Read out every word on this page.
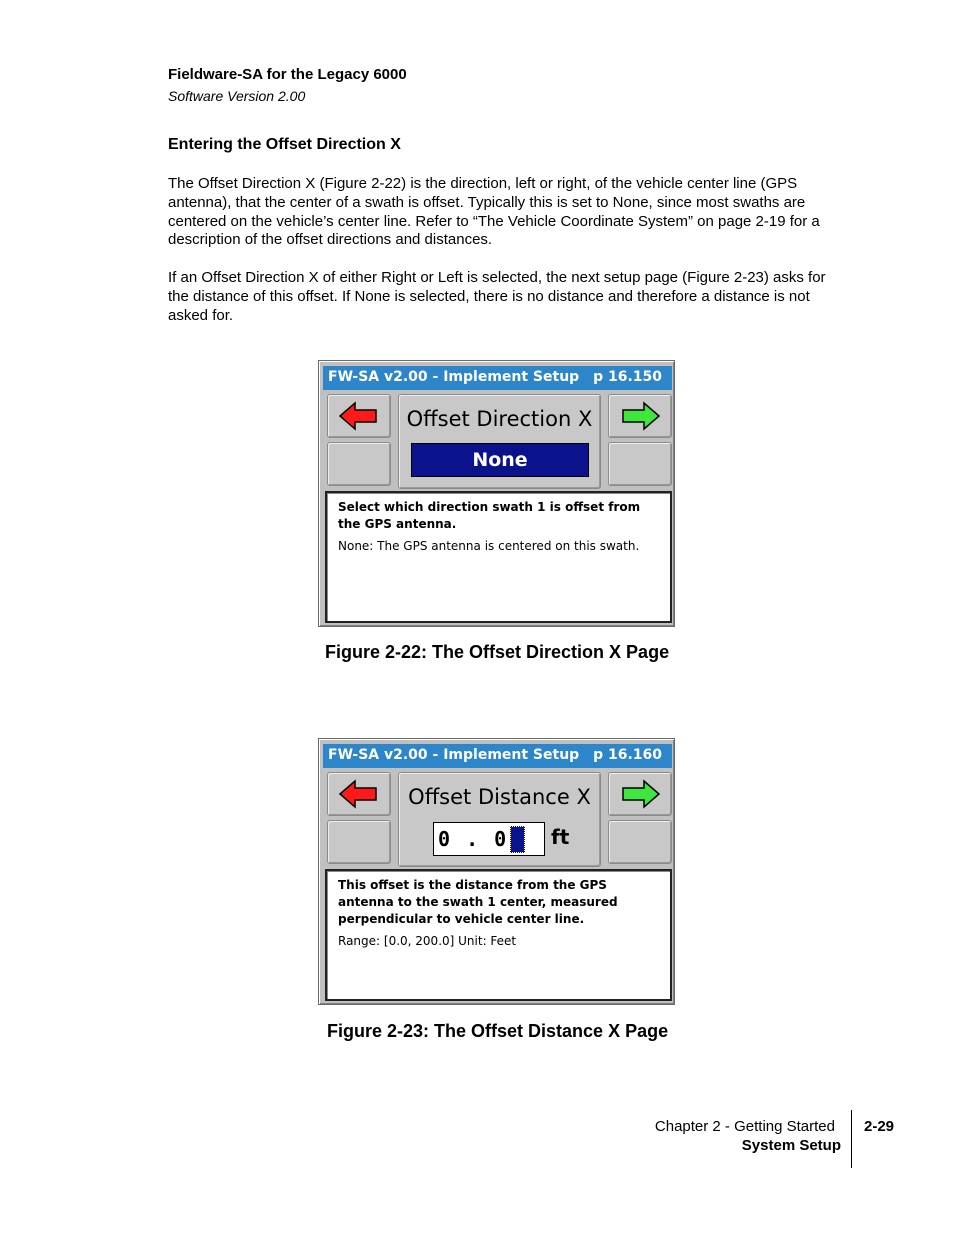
Fieldware-SA for the Legacy 6000
Software Version 2.00
Entering the Offset Direction X

The Offset Direction X (Figure 2-22) is the direction, left or right, of the vehicle center line (GPS antenna), that the center of a swath is offset. Typically this is set to None, since most swaths are centered on the vehicle’s center line. Refer to “The Vehicle Coordinate System” on page 2-19 for a description of the offset directions and distances.

If an Offset Direction X of either Right or Left is selected, the next setup page (Figure 2-23) asks for the distance of this offset. If None is selected, there is no distance and therefore a distance is not asked for.

FW-SA v2.00 - Implement Setup p 16.150
Offset Direction X
None
Select which direction swath 1 is offset from the GPS antenna.
None: The GPS antenna is centered on this swath.
Figure 2-22: The Offset Direction X Page
FW-SA v2.00 - Implement Setup p 16.160
Offset Distance X
0 . 0 ft
This offset is the distance from the GPS antenna to the swath 1 center, measured perpendicular to vehicle center line.
Range: [0.0, 200.0] Unit: Feet
Figure 2-23: The Offset Distance X Page
Chapter 2 - Getting Started
System Setup
2-29
